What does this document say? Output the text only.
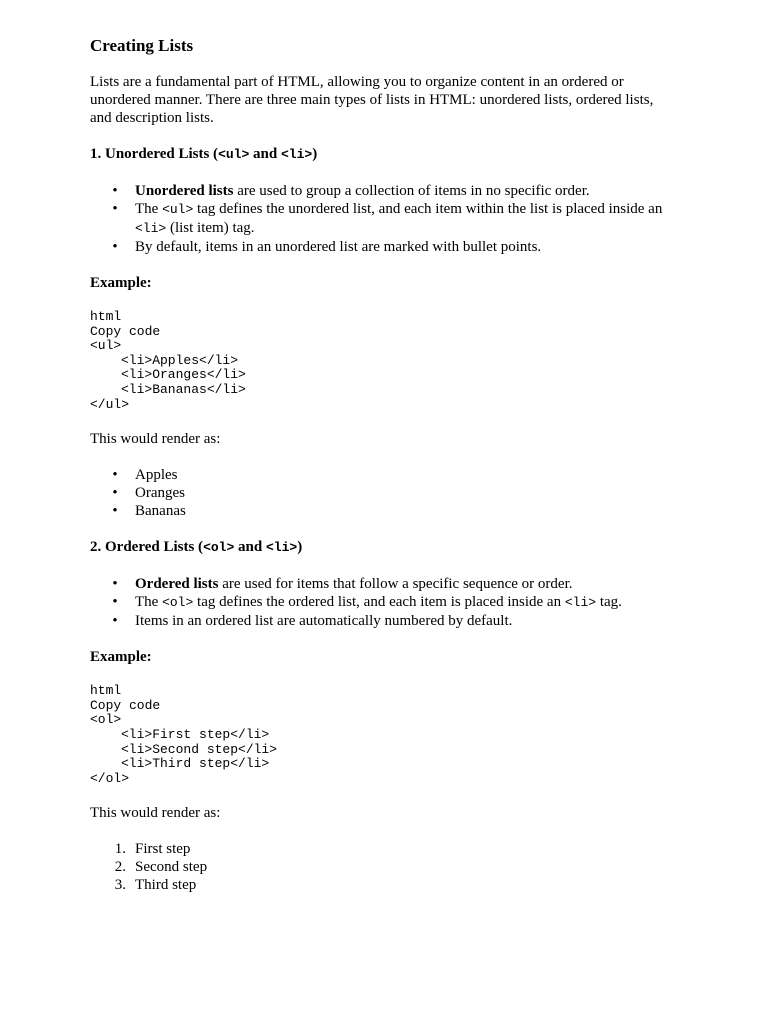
Creating Lists

Lists are a fundamental part of HTML, allowing you to organize content in an ordered or unordered manner. There are three main types of lists in HTML: unordered lists, ordered lists, and description lists.

1. Unordered Lists (<ul> and <li>)
• Unordered lists are used to group a collection of items in no specific order.
• The <ul> tag defines the unordered list, and each item within the list is placed inside an <li> (list item) tag.
• By default, items in an unordered list are marked with bullet points.

Example:

html
Copy code
<ul>
<li>Apples</li>
<li>Oranges</li>
<li>Bananas</li>
</ul>

This would render as:

• Apples
• Oranges
• Bananas
2. Ordered Lists (<ol> and <li>)
• Ordered lists are used for items that follow a specific sequence or order.
• The <ol> tag defines the ordered list, and each item is placed inside an <li> tag.
• Items in an ordered list are automatically numbered by default.

Example:

html
Copy code
<ol>
<li>First step</li>
<li>Second step</li>
<li>Third step</li>
</ol>

This would render as:

1. First step
2. Second step
3. Third step
